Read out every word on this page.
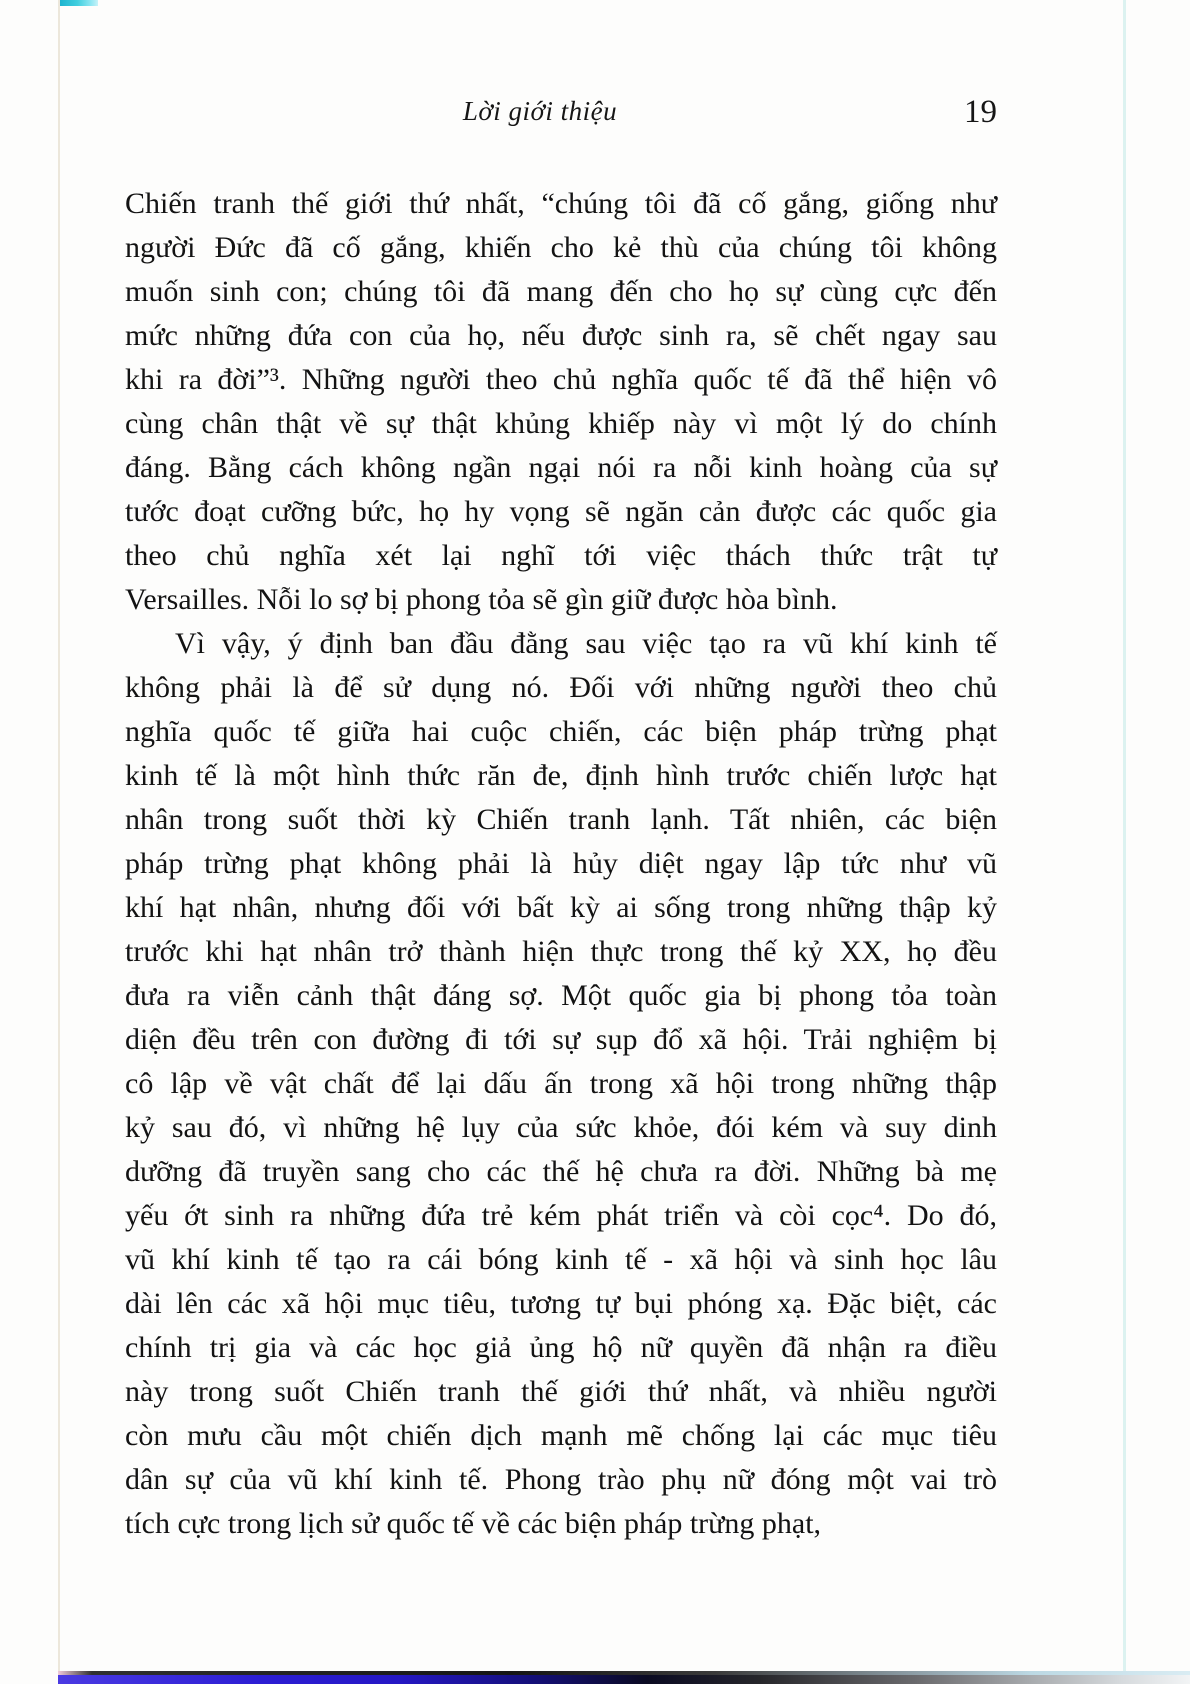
Lời giới thiệu	19
Chiến tranh thế giới thứ nhất, “chúng tôi đã cố gắng, giống như
người Đức đã cố gắng, khiến cho kẻ thù của chúng tôi không
muốn sinh con; chúng tôi đã mang đến cho họ sự cùng cực đến
mức những đứa con của họ, nếu được sinh ra, sẽ chết ngay sau
khi ra đời”³. Những người theo chủ nghĩa quốc tế đã thể hiện vô
cùng chân thật về sự thật khủng khiếp này vì một lý do chính
đáng. Bằng cách không ngần ngại nói ra nỗi kinh hoàng của sự
tước đoạt cưỡng bức, họ hy vọng sẽ ngăn cản được các quốc gia
theo chủ nghĩa xét lại nghĩ tới việc thách thức trật tự
Versailles. Nỗi lo sợ bị phong tỏa sẽ gìn giữ được hòa bình.
Vì vậy, ý định ban đầu đằng sau việc tạo ra vũ khí kinh tế
không phải là để sử dụng nó. Đối với những người theo chủ
nghĩa quốc tế giữa hai cuộc chiến, các biện pháp trừng phạt
kinh tế là một hình thức răn đe, định hình trước chiến lược hạt
nhân trong suốt thời kỳ Chiến tranh lạnh. Tất nhiên, các biện
pháp trừng phạt không phải là hủy diệt ngay lập tức như vũ
khí hạt nhân, nhưng đối với bất kỳ ai sống trong những thập kỷ
trước khi hạt nhân trở thành hiện thực trong thế kỷ XX, họ đều
đưa ra viễn cảnh thật đáng sợ. Một quốc gia bị phong tỏa toàn
diện đều trên con đường đi tới sự sụp đổ xã hội. Trải nghiệm bị
cô lập về vật chất để lại dấu ấn trong xã hội trong những thập
kỷ sau đó, vì những hệ lụy của sức khỏe, đói kém và suy dinh
dưỡng đã truyền sang cho các thế hệ chưa ra đời. Những bà mẹ
yếu ớt sinh ra những đứa trẻ kém phát triển và còi cọc⁴. Do đó,
vũ khí kinh tế tạo ra cái bóng kinh tế - xã hội và sinh học lâu
dài lên các xã hội mục tiêu, tương tự bụi phóng xạ. Đặc biệt, các
chính trị gia và các học giả ủng hộ nữ quyền đã nhận ra điều
này trong suốt Chiến tranh thế giới thứ nhất, và nhiều người
còn mưu cầu một chiến dịch mạnh mẽ chống lại các mục tiêu
dân sự của vũ khí kinh tế. Phong trào phụ nữ đóng một vai trò
tích cực trong lịch sử quốc tế về các biện pháp trừng phạt,
